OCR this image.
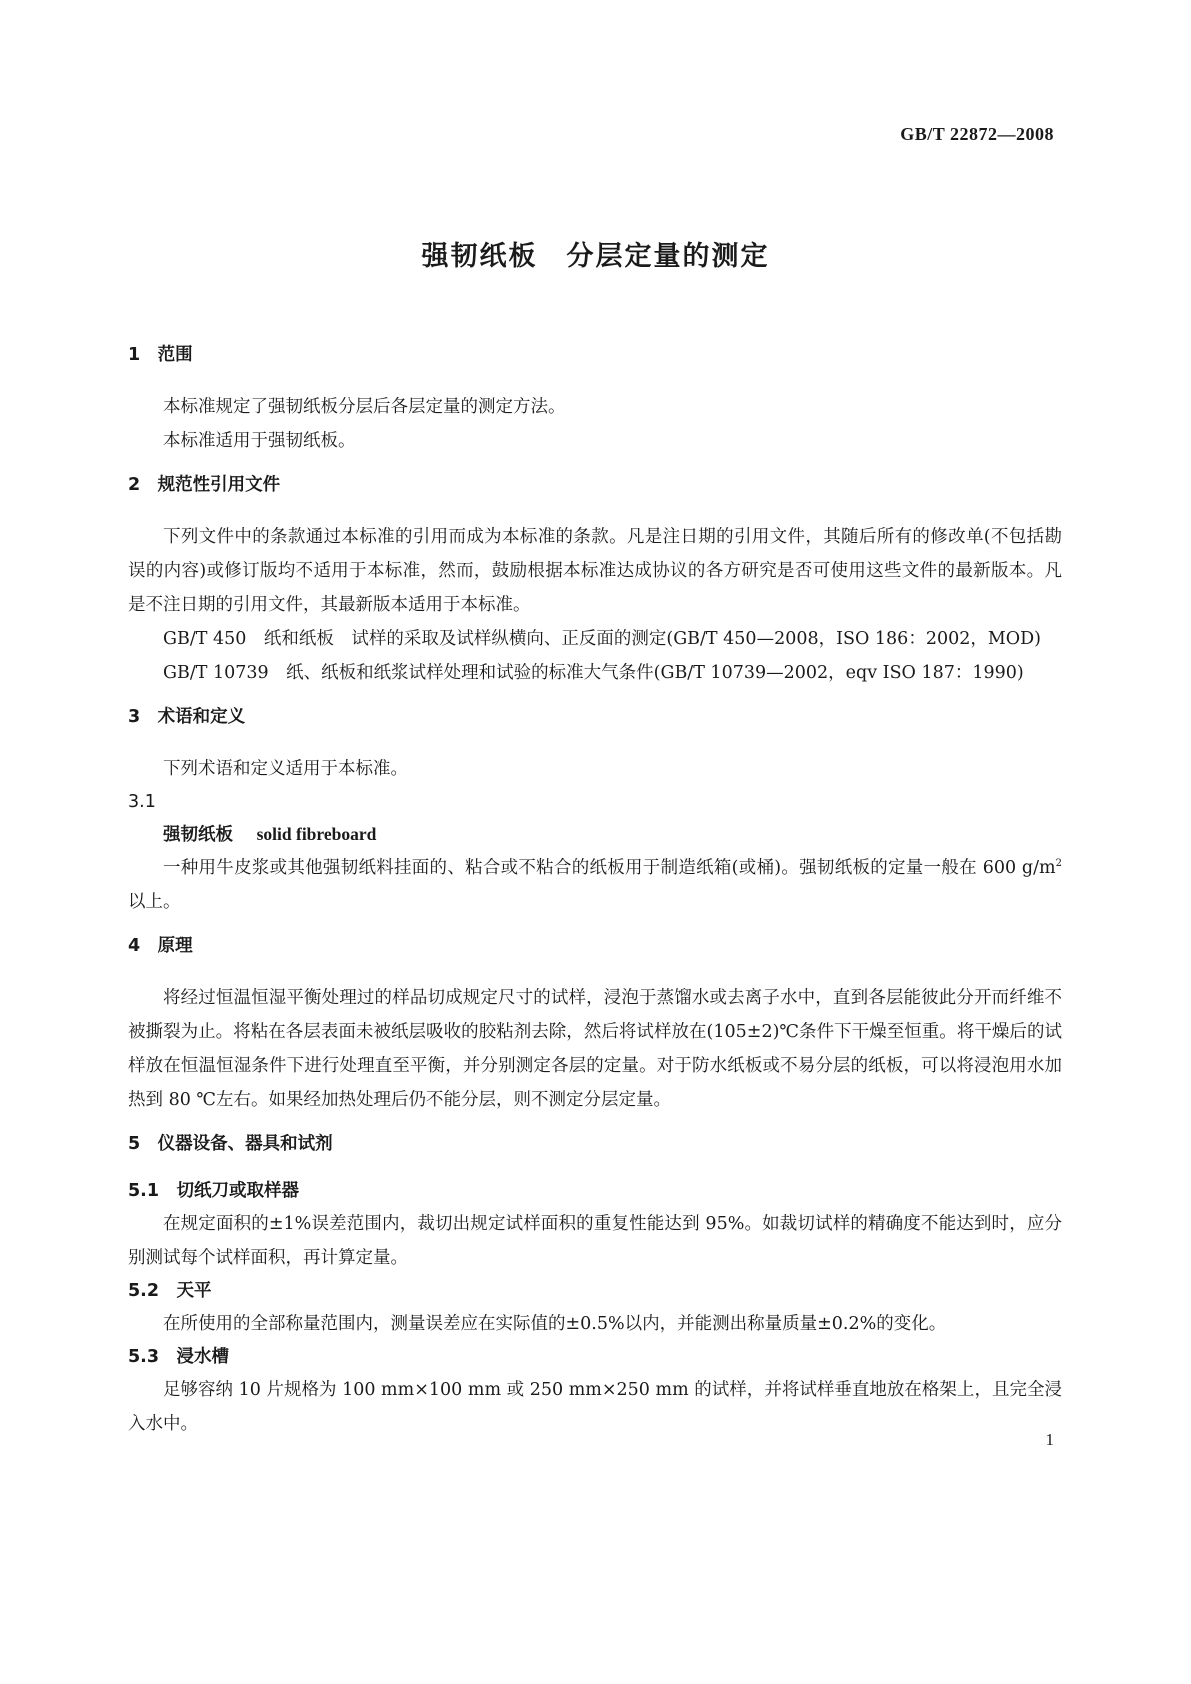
GB/T 22872—2008
强韧纸板　分层定量的测定
1　范围

本标准规定了强韧纸板分层后各层定量的测定方法。

本标准适用于强韧纸板。

2　规范性引用文件

下列文件中的条款通过本标准的引用而成为本标准的条款。凡是注日期的引用文件，其随后所有的修改单(不包括勘误的内容)或修订版均不适用于本标准，然而，鼓励根据本标准达成协议的各方研究是否可使用这些文件的最新版本。凡是不注日期的引用文件，其最新版本适用于本标准。

GB/T 450　纸和纸板　试样的采取及试样纵横向、正反面的测定(GB/T 450—2008，ISO 186：2002，MOD)

GB/T 10739　纸、纸板和纸浆试样处理和试验的标准大气条件(GB/T 10739—2002，eqv ISO 187：1990)

3　术语和定义

下列术语和定义适用于本标准。

3.1
强韧纸板　 solid fibreboard

一种用牛皮浆或其他强韧纸料挂面的、粘合或不粘合的纸板用于制造纸箱(或桶)。强韧纸板的定量一般在 600 $g/m^2$ 以上。

4　原理

将经过恒温恒湿平衡处理过的样品切成规定尺寸的试样，浸泡于蒸馏水或去离子水中，直到各层能彼此分开而纤维不被撕裂为止。将粘在各层表面未被纸层吸收的胶粘剂去除，然后将试样放在(105±2)℃条件下干燥至恒重。将干燥后的试样放在恒温恒湿条件下进行处理直至平衡，并分别测定各层的定量。对于防水纸板或不易分层的纸板，可以将浸泡用水加热到 80 ℃左右。如果经加热处理后仍不能分层，则不测定分层定量。

5　仪器设备、器具和试剂
5.1　切纸刀或取样器

在规定面积的±1%误差范围内，裁切出规定试样面积的重复性能达到 95%。如裁切试样的精确度不能达到时，应分别测试每个试样面积，再计算定量。

5.2　天平

在所使用的全部称量范围内，测量误差应在实际值的±0.5%以内，并能测出称量质量±0.2%的变化。

5.3　浸水槽

足够容纳 10 片规格为 100 mm×100 mm 或 250 mm×250 mm 的试样，并将试样垂直地放在格架上，且完全浸入水中。

1
